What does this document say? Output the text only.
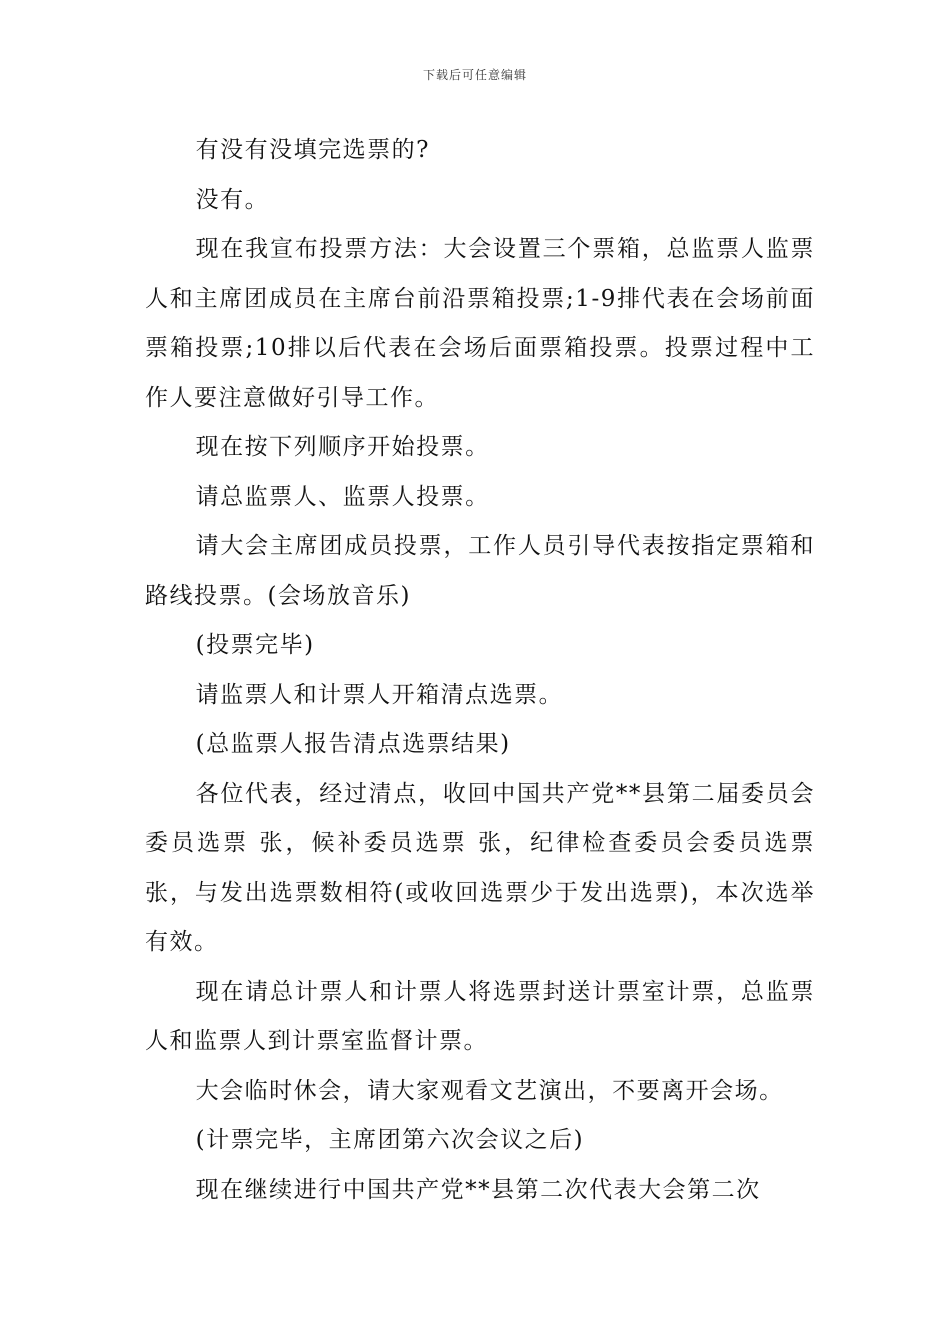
下载后可任意编辑

有没有没填完选票的?

没有。

现在我宣布投票方法：大会设置三个票箱，总监票人监票人和主席团成员在主席台前沿票箱投票;1-9排代表在会场前面票箱投票;10排以后代表在会场后面票箱投票。投票过程中工作人要注意做好引导工作。

现在按下列顺序开始投票。

请总监票人、监票人投票。

请大会主席团成员投票，工作人员引导代表按指定票箱和路线投票。(会场放音乐)

(投票完毕)

请监票人和计票人开箱清点选票。

(总监票人报告清点选票结果)

各位代表，经过清点，收回中国共产党**县第二届委员会委员选票 张，候补委员选票 张，纪律检查委员会委员选票 张，与发出选票数相符(或收回选票少于发出选票)，本次选举有效。

现在请总计票人和计票人将选票封送计票室计票，总监票人和监票人到计票室监督计票。

大会临时休会，请大家观看文艺演出，不要离开会场。

(计票完毕，主席团第六次会议之后)

现在继续进行中国共产党**县第二次代表大会第二次
